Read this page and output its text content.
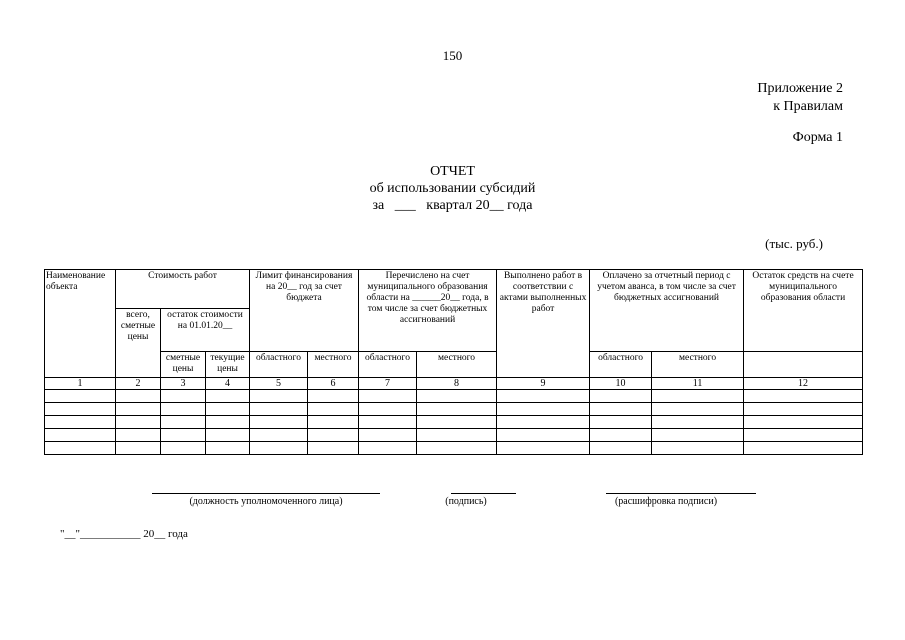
150
Приложение 2
к Правилам
Форма 1
ОТЧЕТ
об использовании субсидий
за ___ квартал 20__ года
(тыс. руб.)
Наименование объекта	Стоимость работ			Лимит финансирования на 20__ год за счет бюджета		Перечислено на счет муниципального образования области на ______20__ года, в том числе за счет бюджетных ассигнований		Выполнено работ в соответствии с актами выполненных работ	Оплачено за отчетный период с учетом аванса, в том числе за счет бюджетных ассигнований		Остаток средств на счете муниципального образования области
	всего, сметные цены	остаток стоимости на 01.01.20__									
		сметные цены	текущие цены	областного	местного	областного	местного		областного	местного	
1	2	3	4	5	6	7	8	9	10	11	12

(должность уполномоченного лица)	(подпись)	(расшифровка подписи)
"__"___________ 20__ года
